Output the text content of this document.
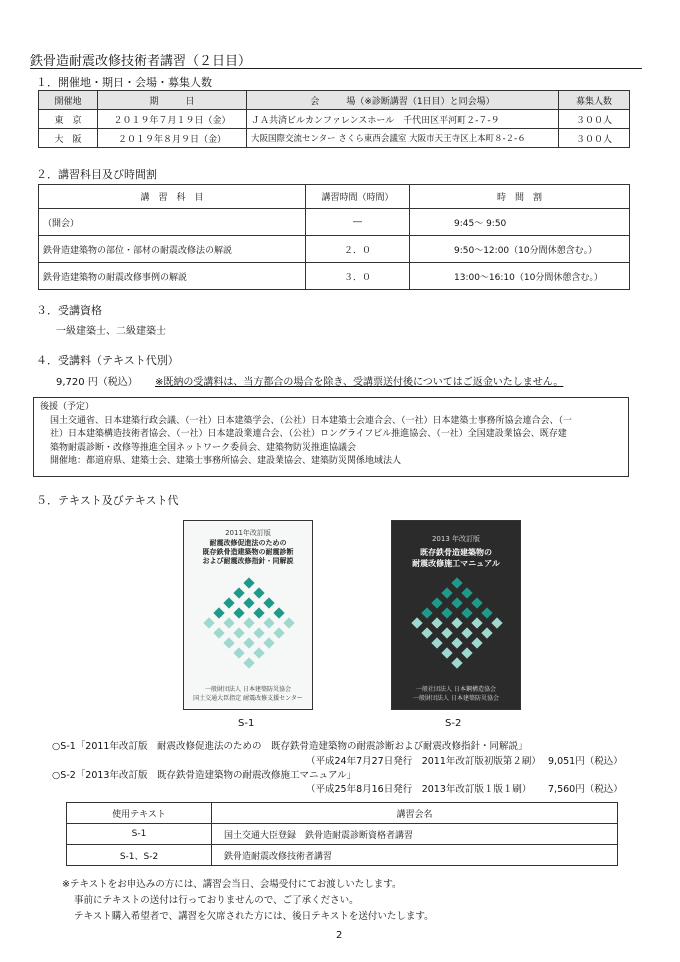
鉄骨造耐震改修技術者講習（２日目）
１．開催地・期日・会場・募集人数
開催地	期　　　日	会　　　場（※診断講習（1日目）と同会場）	募集人数
東　京	２０１９年７月１９日（金）	ＪＡ共済ビルカンファレンスホール　千代田区平河町２-７-９	３００人
大　阪	２０１９年８月９日（金）	大阪国際交流センター さくら東西会議室 大阪市天王寺区上本町８-２-６	３００人
２．講習科目及び時間割
講　習　科　目	講習時間（時間）	時　間　割
（開会）	―	9:45～ 9:50
鉄骨造建築物の部位・部材の耐震改修法の解説	２．０	9:50～12:00（10分間休憩含む。）
鉄骨造建築物の耐震改修事例の解説	３．０	13:00～16:10（10分間休憩含む。）
３．受講資格
一級建築士、二級建築士
４．受講料（テキスト代別）
9,720 円（税込） ※既納の受講料は、当方都合の場合を除き、受講票送付後についてはご返金いたしません。
後援（予定）
国土交通省、日本建築行政会議、（一社）日本建築学会、（公社）日本建築士会連合会、（一社）日本建築士事務所協会連合会、（一
社）日本建築構造技術者協会、（一社）日本建設業連合会、（公社）ロングライフビル推進協会、（一社）全国建設業協会、既存建
築物耐震診断・改修等推進全国ネットワーク委員会、建築物防災推進協議会
開催地：都道府県、建築士会、建築士事務所協会、建設業協会、建築防災関係地域法人
５．テキスト及びテキスト代
2011年改訂版
耐震改修促進法のための
既存鉄骨造建築物の耐震診断
および耐震改修指針・同解説
一般財団法人 日本建築防災協会
国土交通大臣指定 耐震改修支援センター
S-1
2013 年改訂版
既存鉄骨造建築物の
耐震改修施工マニュアル
一般社団法人 日本鋼構造協会
一般財団法人 日本建築防災協会
S-2
○S-1「2011年改訂版　耐震改修促進法のための　既存鉄骨造建築物の耐震診断および耐震改修指針・同解説」
（平成24年7月27日発行　2011年改訂版初版第２刷） 9,051円（税込）
○S-2「2013年改訂版　既存鉄骨造建築物の耐震改修施工マニュアル」
（平成25年8月16日発行　2013年改訂版１版１刷） 7,560円（税込）
使用テキスト	講習会名
S-1	国土交通大臣登録　鉄骨造耐震診断資格者講習
S-1、S-2	鉄骨造耐震改修技術者講習
※テキストをお申込みの方には、講習会当日、会場受付にてお渡しいたします。
事前にテキストの送付は行っておりませんので、ご了承ください。
テキスト購入希望者で、講習を欠席された方には、後日テキストを送付いたします。
2
